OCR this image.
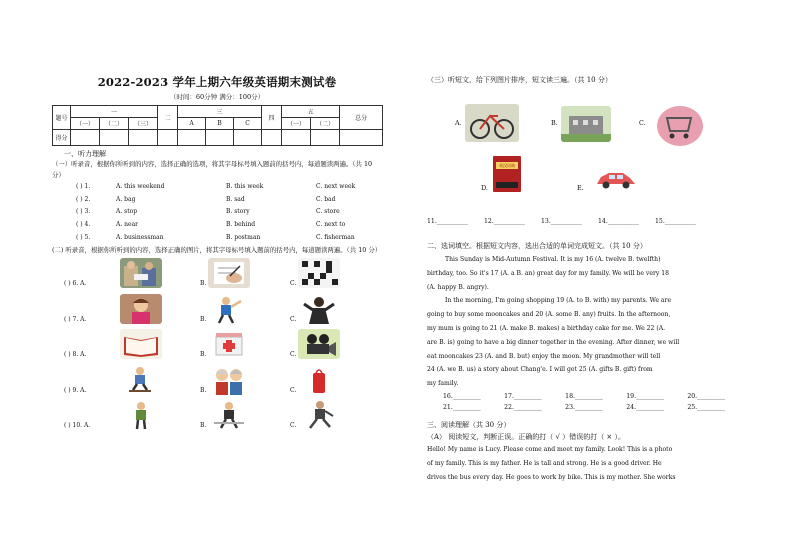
2022-2023 学年上期六年级英语期末测试卷
（时间：60分钟 满分：100分）
题号	一			二	三			四	五		总分
	（一）	（二）	（三）		A	B	C		（一）	（二）	
得分											
一、听力理解
（一）听录音，根据你所听到的内容，选择正确的选项，将其字母标号填入题前的括号内，每道题读两遍。（共 10 分）
( ) 1.	A. this weekend	B. this week	C. next week
( ) 2.	A. bag	B. sad	C. bad
( ) 3.	A. stop	B. story	C. store
( ) 4.	A. near	B. behind	C. next to
( ) 5.	A. businessman	B. postman	C. fisherman
(二) 听录音，根据你所听到的内容，选择正确的图片，将其字母标号填入题前的括号内，每道题读两遍。（共 10 分）
( ) 6. A.	B.	C.
( ) 7. A.	B.	C.
( ) 8. A.	B.	C.
( ) 9. A.	B.	C.
( ) 10. A.	B.	C.
（三）听短文，给下列图片排序，短文读三遍。（共 10 分）
A.	B.	C.
D.
英汉词典
E.
11.__________	12.__________	13.__________	14.__________	15.__________
二、选词填空。根据短文内容，选出合适的单词完成短文。（共 10 分）
This Sunday is Mid-Autumn Festival. It is my 16 (A. twelve B. twelfth)
birthday, too. So it's 17 (A. a B. an) great day for my family. We will be very 18
(A. happy B. angry).
In the morning, I'm going shopping 19 (A. to B. with) my parents. We are
going to buy some mooncakes and 20 (A. some B. any) fruits. In the afternoon,
my mum is going to 21 (A. make B. makes) a birthday cake for me. We 22 (A.
are B. is) going to have a big dinner together in the evening. After dinner, we will
eat mooncakes 23 (A. and B. but) enjoy the moon. My grandmother will tell
24 (A. we B. us) a story about Chang'e. I will get 25 (A. gifts B. gift) from
my family.
16._________	17._________	18._________	19._________	20._________
21._________	22._________	23._________	24._________	25._________
三、阅读理解（共 30 分）
（A） 阅读短文，判断正误。正确的打（ √ ）错误的打（ × ）。
Hello! My name is Lucy. Please come and meet my family. Look! This is a photo
of my family. This is my father. He is tall and strong. He is a good driver. He
drives the bus every day. He goes to work by bike. This is my mother. She works
